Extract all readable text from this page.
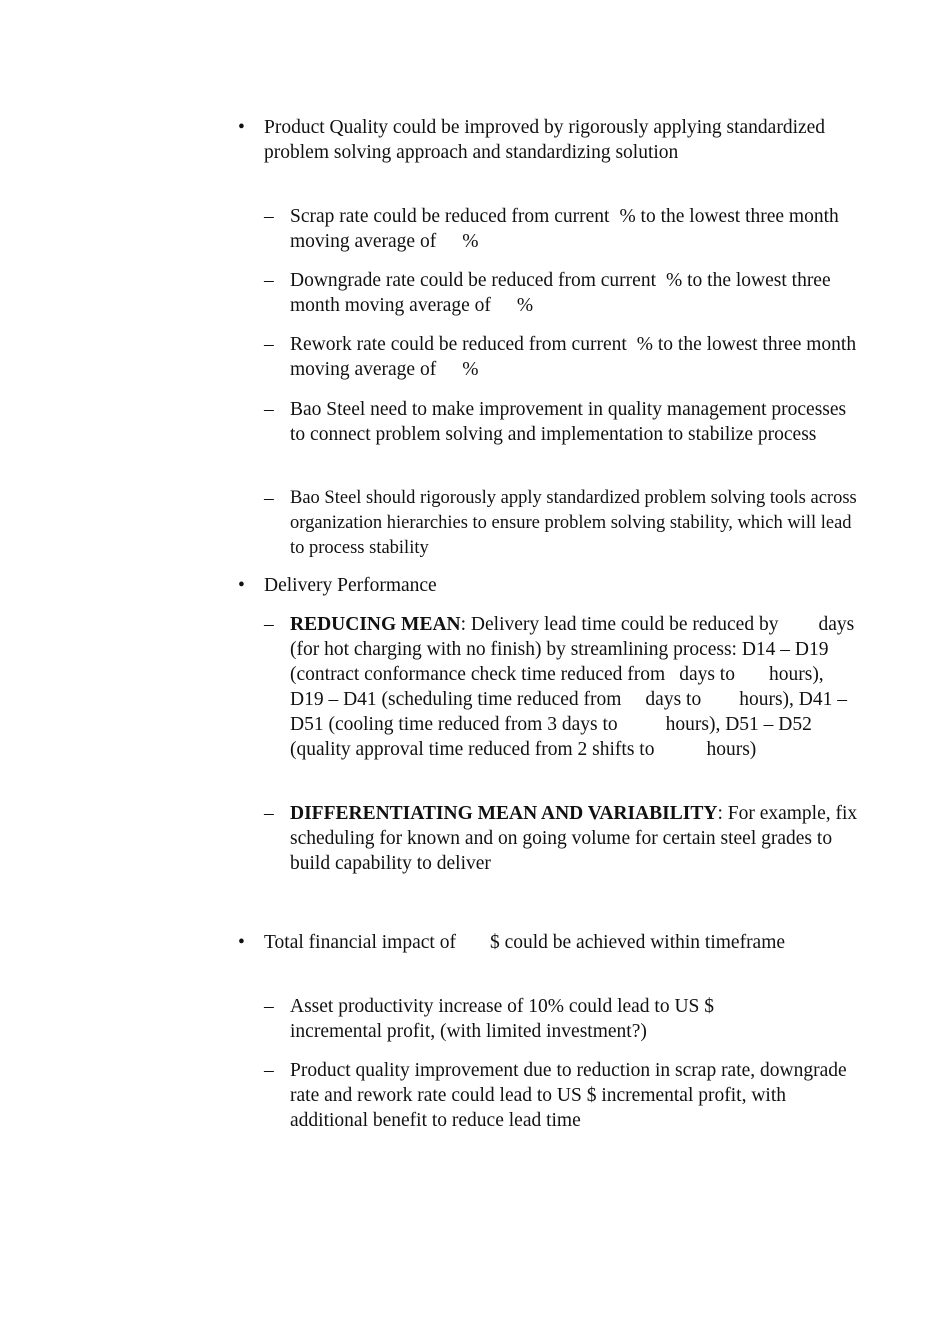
• Product Quality could be improved by rigorously applying standardized problem solving approach and standardizing solution
– Scrap rate could be reduced from current % to the lowest three month moving average of %
– Downgrade rate could be reduced from current % to the lowest three month moving average of %
– Rework rate could be reduced from current % to the lowest three month moving average of %
– Bao Steel need to make improvement in quality management processes to connect problem solving and implementation to stabilize process
– Bao Steel should rigorously apply standardized problem solving tools across organization hierarchies to ensure problem solving stability, which will lead to process stability
• Delivery Performance
– REDUCING MEAN: Delivery lead time could be reduced by days (for hot charging with no finish) by streamlining process: D14 – D19 (contract conformance check time reduced from days to hours), D19 – D41 (scheduling time reduced from days to hours), D41 – D51 (cooling time reduced from 3 days to hours), D51 – D52 (quality approval time reduced from 2 shifts to	hours)
– DIFFERENTIATING MEAN AND VARIABILITY: For example, fix scheduling for known and on going volume for certain steel grades to build capability to deliver
• Total financial impact of $ could be achieved within timeframe
– Asset productivity increase of 10% could lead to US $
incremental profit, (with limited investment?)
– Product quality improvement due to reduction in scrap rate, downgrade rate and rework rate could lead to US $ incremental profit, with additional benefit to reduce lead time
